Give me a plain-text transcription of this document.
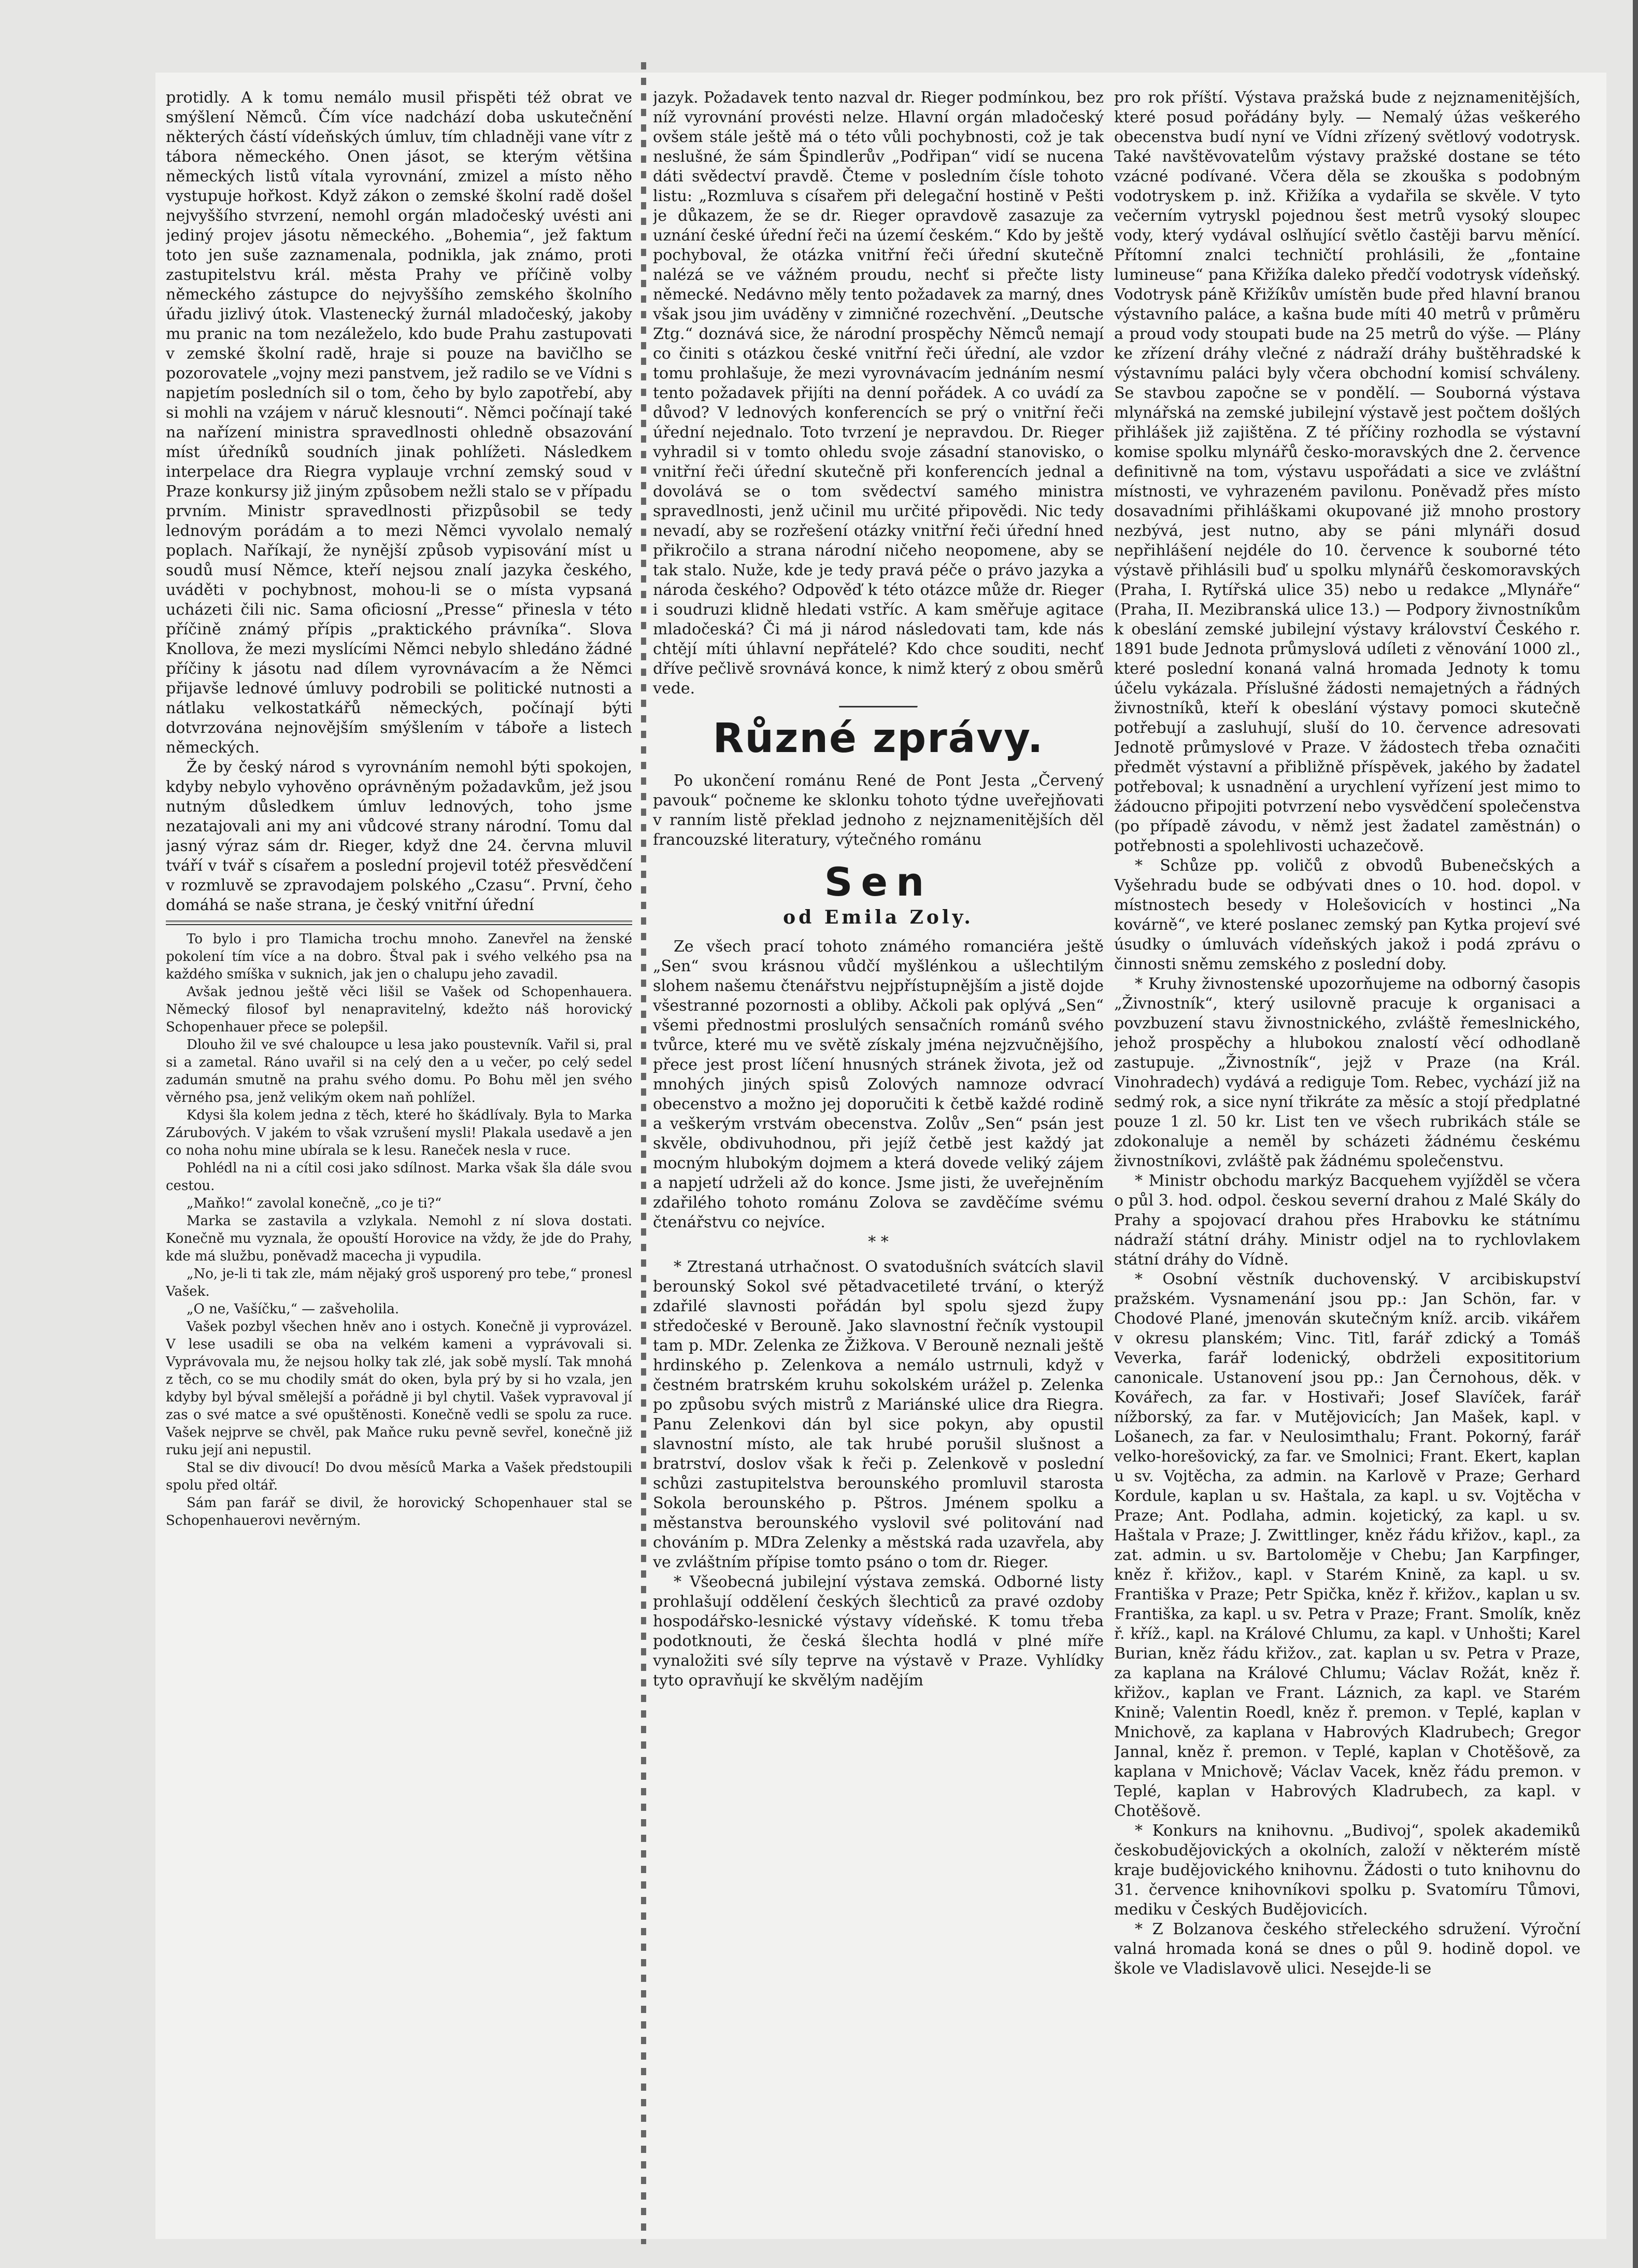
protidly. A k tomu nemálo musil přispěti též obrat ve smýšlení Němců. Čím více nadchází doba uskutečnění některých částí vídeňských úmluv, tím chladněji vane vítr z tábora německého. Onen jásot, se kterým většina německých listů vítala vyrovnání, zmizel a místo něho vystupuje hořkost. Když zákon o zemské školní radě došel nejvyššího stvrzení, nemohl orgán mladočeský uvésti ani jediný projev jásotu německého. „Bohemia“, jež faktum toto jen suše zaznamenala, podnikla, jak známo, proti zastupitelstvu král. města Prahy ve příčině volby německého zástupce do nejvyššího zemského školního úřadu jizlivý útok. Vlastenecký žurnál mladočeský, jakoby mu pranic na tom nezáleželo, kdo bude Prahu zastupovati v zemské školní radě, hraje si pouze na bavičlho se pozorovatele „vojny mezi panstvem, jež radilo se ve Vídni s napjetím posledních sil o tom, čeho by bylo zapotřebí, aby si mohli na vzájem v náruč klesnouti“. Němci počínají také na nařízení ministra spravedlnosti ohledně obsazování míst úředníků soudních jinak pohlížeti. Následkem interpelace dra Riegra vyplauje vrchní zemský soud v Praze konkursy již jiným způsobem nežli stalo se v případu prvním. Ministr spravedlnosti přizpůsobil se tedy lednovým porádám a to mezi Němci vyvolalo nemalý poplach. Naříkají, že nynější způsob vypisování míst u soudů musí Němce, kteří nejsou znalí jazyka českého, uváděti v pochybnost, mohou-li se o místa vypsaná ucházeti čili nic. Sama oficiosní „Presse“ přinesla v této příčině známý přípis „praktického právníka“. Slova Knollova, že mezi myslícími Němci nebylo shledáno žádné příčiny k jásotu nad dílem vyrovnávacím a že Němci přijavše lednové úmluvy podrobili se politické nutnosti a nátlaku velkostatkářů německých, počínají býti dotvrzována nejnovějším smýšlením v táboře a listech německých.

Že by český národ s vyrovnáním nemohl býti spokojen, kdyby nebylo vyhověno oprávněným požadavkům, jež jsou nutným důsledkem úmluv lednových, toho jsme nezatajovali ani my ani vůdcové strany národní. Tomu dal jasný výraz sám dr. Rieger, když dne 24. června mluvil tváří v tvář s císařem a poslední projevil totéž přesvědčení v rozmluvě se zpravodajem polského „Czasu“. První, čeho domáhá se naše strana, je český vnitřní úřední

To bylo i pro Tlamicha trochu mnoho. Zanevřel na ženské pokolení tím více a na dobro. Štval pak i svého velkého psa na každého smíška v suknich, jak jen o chalupu jeho zavadil.

Avšak jednou ještě věci lišil se Vašek od Schopenhauera. Německý filosof byl nenapravitelný, kdežto náš horovický Schopenhauer přece se polepšil.

Dlouho žil ve své chaloupce u lesa jako poustevník. Vařil si, pral si a zametal. Ráno uvařil si na celý den a u večer, po celý sedel zadumán smutně na prahu svého domu. Po Bohu měl jen svého věrného psa, jenž velikým okem naň pohlížel.

Kdysi šla kolem jedna z těch, které ho škádlívaly. Byla to Marka Zárubových. V jakém to však vzrušení mysli! Plakala usedavě a jen co noha nohu mine ubírala se k lesu. Raneček nesla v ruce.

Pohlédl na ni a cítil cosi jako sdílnost. Marka však šla dále svou cestou.

„Maňko!“ zavolal konečně, „co je ti?“

Marka se zastavila a vzlykala. Nemohl z ní slova dostati. Konečně mu vyznala, že opouští Horovice na vždy, že jde do Prahy, kde má službu, poněvadž macecha ji vypudila.

„No, je-li ti tak zle, mám nějaký groš usporený pro tebe,“ pronesl Vašek.

„O ne, Vašíčku,“ — zašveholila.

Vašek pozbyl všechen hněv ano i ostych. Konečně ji vyprovázel. V lese usadili se oba na velkém kameni a vyprávovali si. Vyprávovala mu, že nejsou holky tak zlé, jak sobě myslí. Tak mnohá z těch, co se mu chodily smát do oken, byla prý by si ho vzala, jen kdyby byl býval smělejší a pořádně ji byl chytil. Vašek vypravoval jí zas o své matce a své opuštěnosti. Konečně vedli se spolu za ruce. Vašek nejprve se chvěl, pak Maňce ruku pevně sevřel, konečně již ruku její ani nepustil.

Stal se div divoucí! Do dvou měsíců Marka a Vašek předstoupili spolu před oltář.

Sám pan farář se divil, že horovický Schopenhauer stal se Schopenhauerovi nevěrným.

jazyk. Požadavek tento nazval dr. Rieger podmínkou, bez níž vyrovnání provésti nelze. Hlavní orgán mladočeský ovšem stále ještě má o této vůli pochybnosti, což je tak neslušné, že sám Špindlerův „Podřipan“ vidí se nucena dáti svědectví pravdě. Čteme v posledním čísle tohoto listu: „Rozmluva s císařem při delegační hostině v Pešti je důkazem, že se dr. Rieger opravdově zasazuje za uznání české úřední řeči na území českém.“ Kdo by ještě pochyboval, že otázka vnitřní řeči úřední skutečně nalézá se ve vážném proudu, nechť si přečte listy německé. Nedávno měly tento požadavek za marný, dnes však jsou jim uváděny v zimničné rozechvění. „Deutsche Ztg.“ doznává sice, že národní prospěchy Němců nemají co činiti s otázkou české vnitřní řeči úřední, ale vzdor tomu prohlašuje, že mezi vyrovnávacím jednáním nesmí tento požadavek přijíti na denní pořádek. A co uvádí za důvod? V lednových konferencích se prý o vnitřní řeči úřední nejednalo. Toto tvrzení je nepravdou. Dr. Rieger vyhradil si v tomto ohledu svoje zásadní stanovisko, o vnitřní řeči úřední skutečně při konferencích jednal a dovolává se o tom svědectví samého ministra spravedlnosti, jenž učinil mu určité připovědi. Nic tedy nevadí, aby se rozřešení otázky vnitřní řeči úřední hned přikročilo a strana národní ničeho neopomene, aby se tak stalo. Nuže, kde je tedy pravá péče o právo jazyka a národa českého? Odpověď k této otázce může dr. Rieger i soudruzi klidně hledati vstříc. A kam směřuje agitace mladočeská? Či má ji národ následovati tam, kde nás chtějí míti úhlavní nepřátelé? Kdo chce souditi, nechť dříve pečlivě srovnává konce, k nimž který z obou směrů vede.

Různé zprávy.

Po ukončení románu René de Pont Jesta „Červený pavouk“ počneme ke sklonku tohoto týdne uveřejňovati v ranním listě překlad jednoho z nejznamenitějších děl francouzské literatury, výtečného románu

Sen
od Emila Zoly.

Ze všech prací tohoto známého romanciéra ještě „Sen“ svou krásnou vůdčí myšlénkou a ušlechtilým slohem našemu čtenářstvu nejpřístupnějším a jistě dojde všestranné pozornosti a obliby. Ačkoli pak oplývá „Sen“ všemi přednostmi proslulých sensačních románů svého tvůrce, které mu ve světě získaly jména nejzvučnějšího, přece jest prost líčení hnusných stránek života, jež od mnohých jiných spisů Zolových namnoze odvrací obecenstvo a možno jej doporučiti k četbě každé rodině a veškerým vrstvám obecenstva. Zolův „Sen“ psán jest skvěle, obdivuhodnou, při jejíž četbě jest každý jat mocným hlubokým dojmem a která dovede veliký zájem a napjetí udrželi až do konce. Jsme jisti, že uveřejněním zdařilého tohoto románu Zolova se zavděčíme svému čtenářstvu co nejvíce.

* *

* Ztrestaná utrhačnost. O svatodušních svátcích slavil berounský Sokol své pětadvacetileté trvání, o kterýž zdařilé slavnosti pořádán byl spolu sjezd župy středočeské v Berouně. Jako slavnostní řečník vystoupil tam p. MDr. Zelenka ze Žižkova. V Berouně neznali ještě hrdinského p. Zelenkova a nemálo ustrnuli, když v čestném bratrském kruhu sokolském urážel p. Zelenka po způsobu svých mistrů z Mariánské ulice dra Riegra. Panu Zelenkovi dán byl sice pokyn, aby opustil slavnostní místo, ale tak hrubé porušil slušnost a bratrství, doslov však k řeči p. Zelenkově v poslední schůzi zastupitelstva berounského promluvil starosta Sokola berounského p. Pštros. Jménem spolku a městanstva berounského vyslovil své politování nad chováním p. MDra Zelenky a městská rada uzavřela, aby ve zvláštním přípise tomto psáno o tom dr. Rieger.

* Všeobecná jubilejní výstava zemská. Odborné listy prohlašují oddělení českých šlechticů za pravé ozdoby hospodářsko-lesnické výstavy vídeňské. K tomu třeba podotknouti, že česká šlechta hodlá v plné míře vynaložiti své síly teprve na výstavě v Praze. Vyhlídky tyto opravňují ke skvělým nadějím

pro rok příští. Výstava pražská bude z nejznamenitějších, které posud pořádány byly. — Nemalý úžas veškerého obecenstva budí nyní ve Vídni zřízený světlový vodotrysk. Také navštěvovatelům výstavy pražské dostane se této vzácné podívané. Včera děla se zkouška s podobným vodotryskem p. inž. Křižíka a vydařila se skvěle. V tyto večerním vytryskl pojednou šest metrů vysoký sloupec vody, který vydával oslňující světlo častěji barvu měnící. Přítomní znalci techničtí prohlásili, že „fontaine lumineuse“ pana Křižíka daleko předčí vodotrysk vídeňský. Vodotrysk páně Křižíkův umístěn bude před hlavní branou výstavního paláce, a kašna bude míti 40 metrů v průměru a proud vody stoupati bude na 25 metrů do výše. — Plány ke zřízení dráhy vlečné z nádraží dráhy buštěhradské k výstavnímu paláci byly včera obchodní komisí schváleny. Se stavbou započne se v pondělí. — Souborná výstava mlynářská na zemské jubilejní výstavě jest počtem došlých přihlášek již zajištěna. Z té příčiny rozhodla se výstavní komise spolku mlynářů česko-moravských dne 2. července definitivně na tom, výstavu uspořádati a sice ve zvláštní místnosti, ve vyhrazeném pavilonu. Poněvadž přes místo dosavadními přihláškami okupované již mnoho prostory nezbývá, jest nutno, aby se páni mlynáři dosud nepřihlášení nejdéle do 10. července k souborné této výstavě přihlásili buď u spolku mlynářů českomoravských (Praha, I. Rytířská ulice 35) nebo u redakce „Mlynáře“ (Praha, II. Mezibranská ulice 13.) — Podpory živnostníkům k obeslání zemské jubilejní výstavy království Českého r. 1891 bude Jednota průmyslová udíleti z věnování 1000 zl., které poslední konaná valná hromada Jednoty k tomu účelu vykázala. Příslušné žádosti nemajetných a řádných živnostníků, kteří k obeslání výstavy pomoci skutečně potřebují a zasluhují, sluší do 10. července adresovati Jednotě průmyslové v Praze. V žádostech třeba označiti předmět výstavní a přibližně příspěvek, jakého by žadatel potřeboval; k usnadnění a urychlení vyřízení jest mimo to žádoucno připojiti potvrzení nebo vysvědčení společenstva (po případě závodu, v němž jest žadatel zaměstnán) o potřebnosti a spolehlivosti uchazečově.

* Schůze pp. voličů z obvodů Bubenečských a Vyšehradu bude se odbývati dnes o 10. hod. dopol. v místnostech besedy v Holešovicích v hostinci „Na kovárně“, ve které poslanec zemský pan Kytka projeví své úsudky o úmluvách vídeňských jakož i podá zprávu o činnosti sněmu zemského z poslední doby.

* Kruhy živnostenské upozorňujeme na odborný časopis „Živnostník“, který usilovně pracuje k organisaci a povzbuzení stavu živnostnického, zvláště řemeslnického, jehož prospěchy a hlubokou znalostí věcí odhodlaně zastupuje. „Živnostník“, jejž v Praze (na Král. Vinohradech) vydává a rediguje Tom. Rebec, vychází již na sedmý rok, a sice nyní třikráte za měsíc a stojí předplatné pouze 1 zl. 50 kr. List ten ve všech rubrikách stále se zdokonaluje a neměl by scházeti žádnému českému živnostníkovi, zvláště pak žádnému společenstvu.

* Ministr obchodu markýz Bacquehem vyjížděl se včera o půl 3. hod. odpol. českou severní drahou z Malé Skály do Prahy a spojovací drahou přes Hrabovku ke státnímu nádraží státní dráhy. Ministr odjel na to rychlovlakem státní dráhy do Vídně.

* Osobní věstník duchovenský. V arcibiskupství pražském. Vysnamenání jsou pp.: Jan Schön, far. v Chodové Plané, jmenován skutečným kníž. arcib. vikářem v okresu planském; Vinc. Titl, farář zdický a Tomáš Veverka, farář lodenický, obdrželi exposititorium canonicale. Ustanovení jsou pp.: Jan Černohous, děk. v Kovářech, za far. v Hostivaři; Josef Slavíček, farář nížborský, za far. v Mutějovicích; Jan Mašek, kapl. v Lošanech, za far. v Neulosimthalu; Frant. Pokorný, farář velko-horešovický, za far. ve Smolnici; Frant. Ekert, kaplan u sv. Vojtěcha, za admin. na Karlově v Praze; Gerhard Kordule, kaplan u sv. Haštala, za kapl. u sv. Vojtěcha v Praze; Ant. Podlaha, admin. kojetický, za kapl. u sv. Haštala v Praze; J. Zwittlinger, kněz řádu křižov., kapl., za zat. admin. u sv. Bartoloměje v Chebu; Jan Karpfinger, kněz ř. křižov., kapl. v Starém Knině, za kapl. u sv. Františka v Praze; Petr Spička, kněz ř. křižov., kaplan u sv. Františka, za kapl. u sv. Petra v Praze; Frant. Smolík, kněz ř. kříž., kapl. na Králové Chlumu, za kapl. v Unhošti; Karel Burian, kněz řádu křižov., zat. kaplan u sv. Petra v Praze, za kaplana na Králové Chlumu; Václav Rožát, kněz ř. křižov., kaplan ve Frant. Láznich, za kapl. ve Starém Knině; Valentin Roedl, kněz ř. premon. v Teplé, kaplan v Mnichově, za kaplana v Habrových Kladrubech; Gregor Jannal, kněz ř. premon. v Teplé, kaplan v Chotěšově, za kaplana v Mnichově; Václav Vacek, kněz řádu premon. v Teplé, kaplan v Habrových Kladrubech, za kapl. v Chotěšově.

* Konkurs na knihovnu. „Budivoj“, spolek akademiků českobudějovických a okolních, založí v některém místě kraje budějovického knihovnu. Žádosti o tuto knihovnu do 31. července knihovníkovi spolku p. Svatomíru Tůmovi, mediku v Českých Budějovicích.

* Z Bolzanova českého střeleckého sdružení. Výroční valná hromada koná se dnes o půl 9. hodině dopol. ve škole ve Vladislavově ulici. Nesejde-li se
